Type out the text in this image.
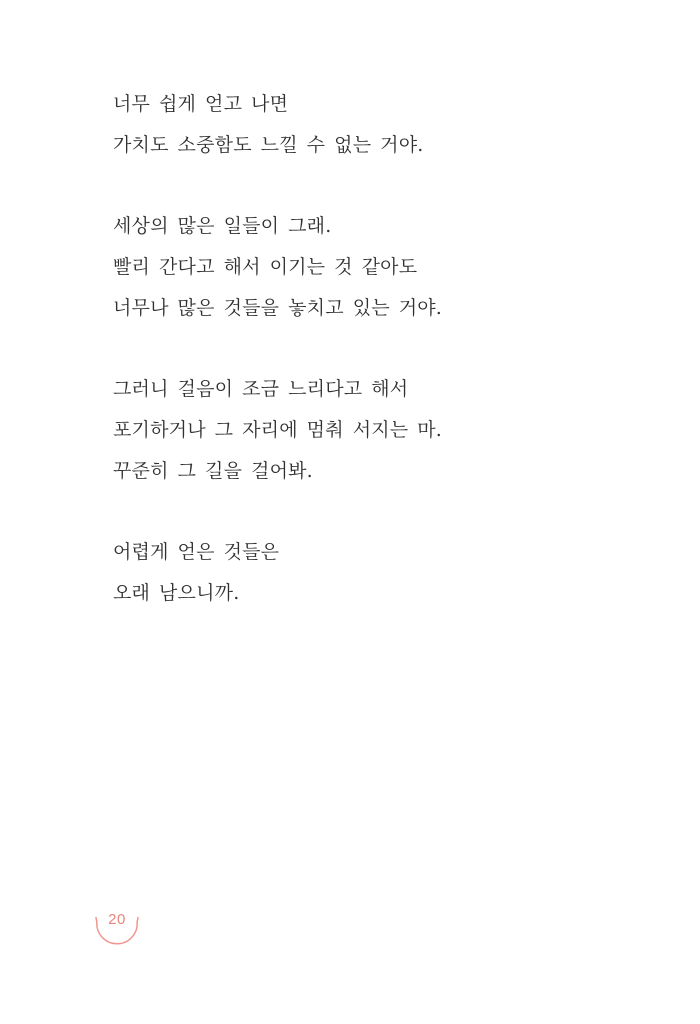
너무 쉽게 얻고 나면
가치도 소중함도 느낄 수 없는 거야.
세상의 많은 일들이 그래.
빨리 간다고 해서 이기는 것 같아도
너무나 많은 것들을 놓치고 있는 거야.
그러니 걸음이 조금 느리다고 해서
포기하거나 그 자리에 멈춰 서지는 마.
꾸준히 그 길을 걸어봐.
어렵게 얻은 것들은
오래 남으니까.
20
